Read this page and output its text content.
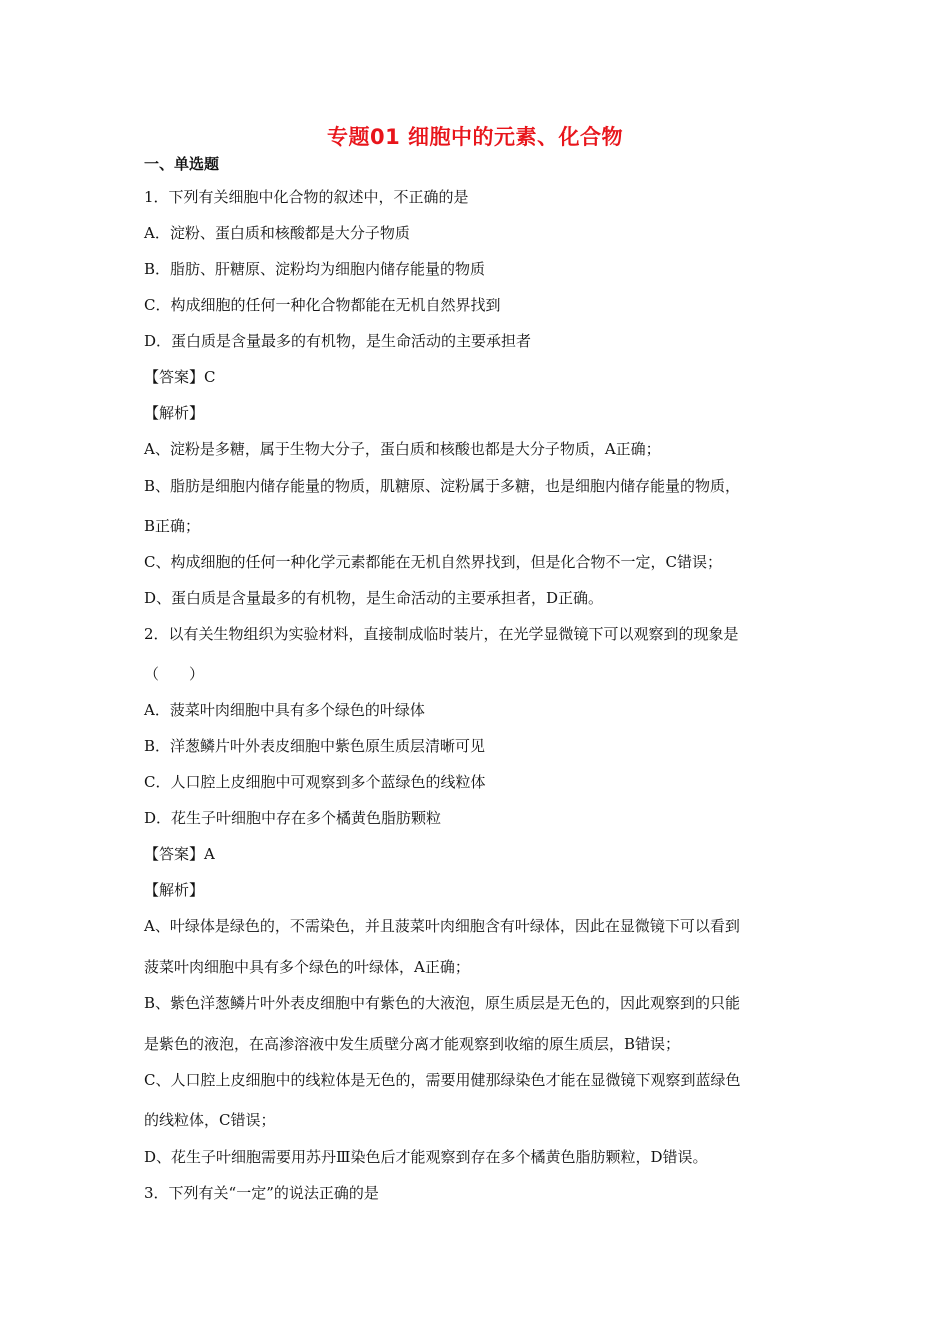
专题01 细胞中的元素、化合物
一、单选题
1．下列有关细胞中化合物的叙述中，不正确的是
A．淀粉、蛋白质和核酸都是大分子物质
B．脂肪、肝糖原、淀粉均为细胞内储存能量的物质
C．构成细胞的任何一种化合物都能在无机自然界找到
D．蛋白质是含量最多的有机物，是生命活动的主要承担者
【答案】C
【解析】
A、淀粉是多糖，属于生物大分子，蛋白质和核酸也都是大分子物质，A正确；
B、脂肪是细胞内储存能量的物质，肌糖原、淀粉属于多糖，也是细胞内储存能量的物质，
B正确；
C、构成细胞的任何一种化学元素都能在无机自然界找到，但是化合物不一定，C错误；
D、蛋白质是含量最多的有机物，是生命活动的主要承担者，D正确。
2．以有关生物组织为实验材料，直接制成临时装片，在光学显微镜下可以观察到的现象是
（　　）
A．菠菜叶肉细胞中具有多个绿色的叶绿体
B．洋葱鳞片叶外表皮细胞中紫色原生质层清晰可见
C．人口腔上皮细胞中可观察到多个蓝绿色的线粒体
D．花生子叶细胞中存在多个橘黄色脂肪颗粒
【答案】A
【解析】
A、叶绿体是绿色的，不需染色，并且菠菜叶肉细胞含有叶绿体，因此在显微镜下可以看到
菠菜叶肉细胞中具有多个绿色的叶绿体，A正确；
B、紫色洋葱鳞片叶外表皮细胞中有紫色的大液泡，原生质层是无色的，因此观察到的只能
是紫色的液泡，在高渗溶液中发生质壁分离才能观察到收缩的原生质层，B错误；
C、人口腔上皮细胞中的线粒体是无色的，需要用健那绿染色才能在显微镜下观察到蓝绿色
的线粒体，C错误；
D、花生子叶细胞需要用苏丹Ⅲ染色后才能观察到存在多个橘黄色脂肪颗粒，D错误。
3．下列有关“一定”的说法正确的是
